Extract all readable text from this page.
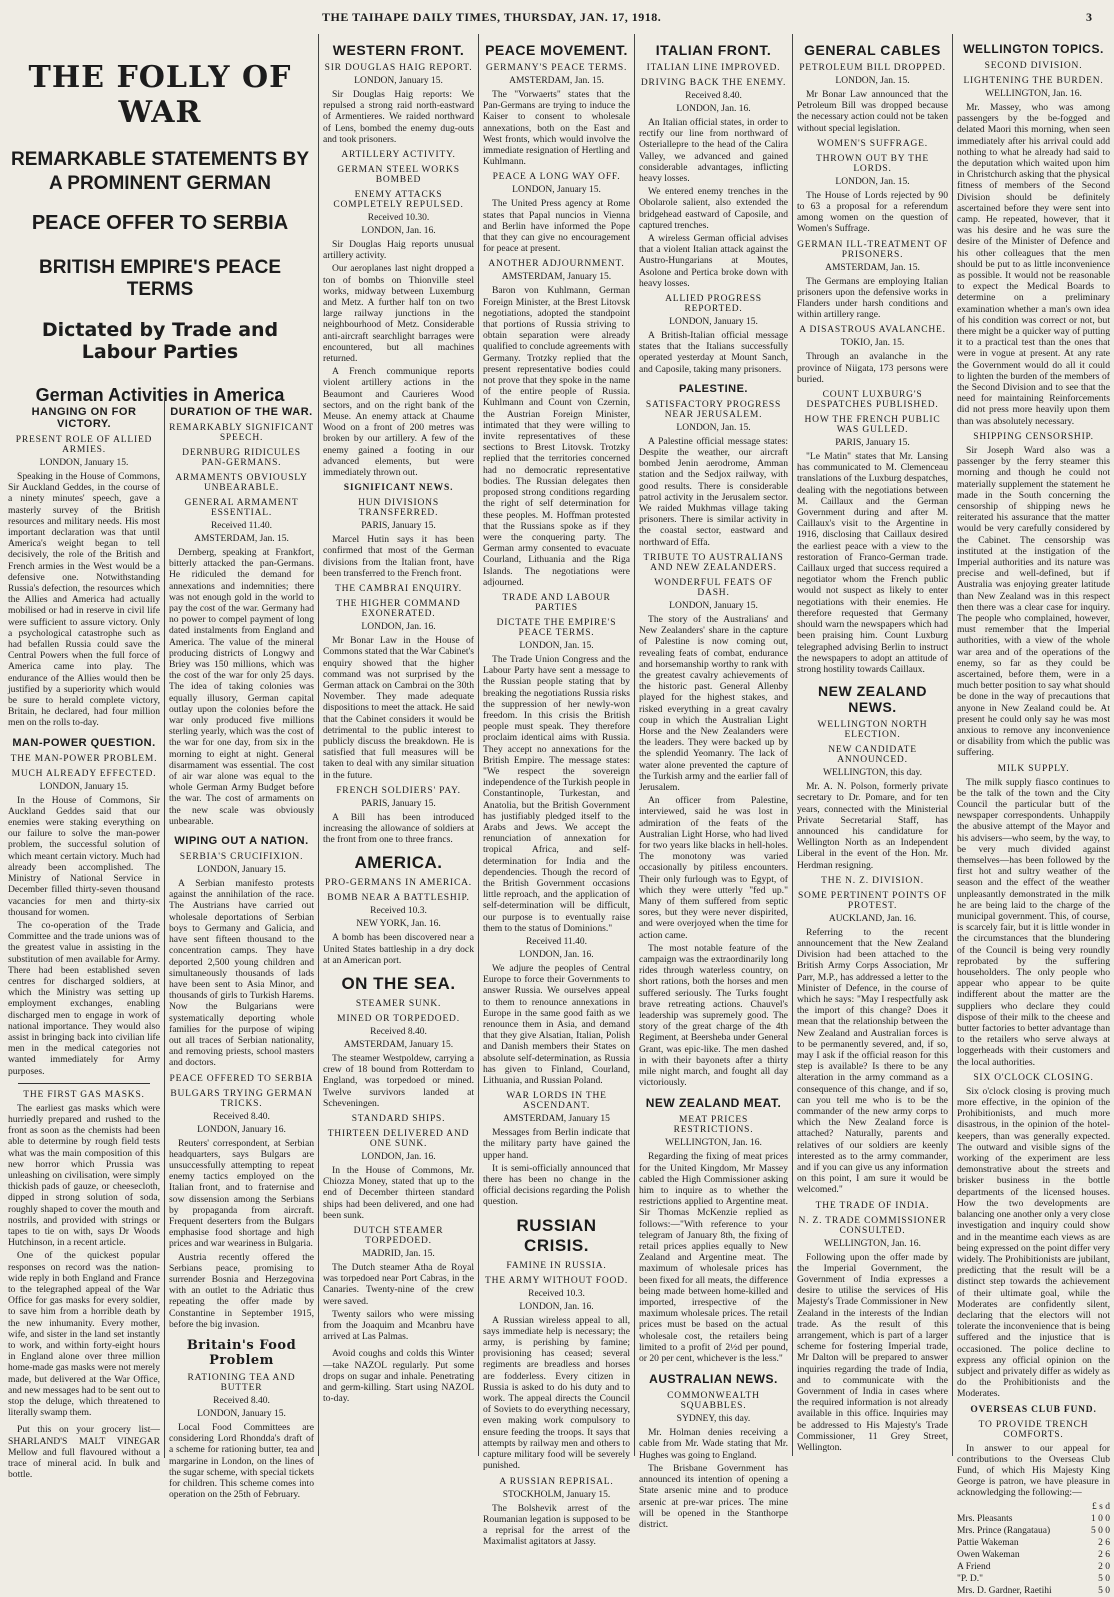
THE TAIHAPE DAILY TIMES, THURSDAY, JAN. 17, 1918.	3
THE FOLLY OF WAR
REMARKABLE STATEMENTS BY A PROMINENT GERMAN
PEACE OFFER TO SERBIA
BRITISH EMPIRE'S PEACE TERMS
Dictated by Trade and Labour Parties
German Activities in America
HANGING ON FOR VICTORY.
PRESENT ROLE OF ALLIED ARMIES.
LONDON, January 15.

Speaking in the House of Commons, Sir Auckland Geddes, in the course of a ninety minutes' speech, gave a masterly survey of the British resources and military needs. His most important declaration was that until America's weight began to tell decisively, the role of the British and French armies in the West would be a defensive one. Notwithstanding Russia's defection, the resources which the Allies and America had actually mobilised or had in reserve in civil life were sufficient to assure victory. Only a psychological catastrophe such as had befallen Russia could save the Central Powers when the full force of America came into play. The endurance of the Allies would then be justified by a superiority which would be sure to herald complete victory, Britain, he declared, had four million men on the rolls to-day.

MAN-POWER QUESTION.
THE MAN-POWER PROBLEM.
MUCH ALREADY EFFECTED.
LONDON, January 15.

In the House of Commons, Sir Auckland Geddes said that our enemies were staking everything on our failure to solve the man-power problem, the successful solution of which meant certain victory. Much had already been accomplished. The Ministry of National Service in December filled thirty-seven thousand vacancies for men and thirty-six thousand for women.

The co-operation of the Trade Committee and the trade unions was of the greatest value in assisting in the substitution of men available for Army. There had been established seven centres for discharged soldiers, at which the Ministry was setting up employment exchanges, enabling discharged men to engage in work of national importance. They would also assist in bringing back into civilian life men in the medical categories not wanted immediately for Army purposes.

THE FIRST GAS MASKS.

The earliest gas masks which were hurriedly prepared and rushed to the front as soon as the chemists had been able to determine by rough field tests what was the main composition of this new horror which Prussia was unleashing on civilisation, were simply thickish pads of gauze, or cheesecloth, dipped in strong solution of soda, roughly shaped to cover the mouth and nostrils, and provided with strings or tapes to tie on with, says Dr Woods Hutchinson, in a recent article.

One of the quickest popular responses on record was the nation-wide reply in both England and France to the telegraphed appeal of the War Office for gas masks for every soldier, to save him from a horrible death by the new inhumanity. Every mother, wife, and sister in the land set instantly to work, and within forty-eight hours in England alone over three million home-made gas masks were not merely made, but delivered at the War Office, and new messages had to be sent out to stop the deluge, which threatened to literally swamp them.

Put this on your grocery list—SHARLAND'S MALT VINEGAR Mellow and full flavoured without a trace of mineral acid. In bulk and bottle.

DURATION OF THE WAR.
REMARKABLY SIGNIFICANT SPEECH.
DERNBURG RIDICULES PAN-GERMANS.
ARMAMENTS OBVIOUSLY UNBEARABLE.
GENERAL ARMAMENT ESSENTIAL.
Received 11.40.
AMSTERDAM, Jan. 15.

Dernberg, speaking at Frankfort, bitterly attacked the pan-Germans. He ridiculed the demand for annexations and indemnities; there was not enough gold in the world to pay the cost of the war. Germany had no power to compel payment of long dated instalments from England and America. The value of the mineral producing districts of Longwy and Briey was 150 millions, which was the cost of the war for only 25 days. The idea of taking colonies was equally illusory, German capital outlay upon the colonies before the war only produced five millions sterling yearly, which was the cost of the war for one day, from six in the morning to eight at night. General disarmament was essential. The cost of air war alone was equal to the whole German Army Budget before the war. The cost of armaments on the new scale was obviously unbearable.

WIPING OUT A NATION.
SERBIA'S CRUCIFIXION.
LONDON, January 15.

A Serbian manifesto protests against the annihilation of the race. The Austrians have carried out wholesale deportations of Serbian boys to Germany and Galicia, and have sent fifteen thousand to the concentration camps. They have deported 2,500 young children and simultaneously thousands of lads have been sent to Asia Minor, and thousands of girls to Turkish Harems. Now the Bulgarians were systematically deporting whole families for the purpose of wiping out all traces of Serbian nationality, and removing priests, school masters and doctors.

PEACE OFFERED TO SERBIA
BULGARS TRYING GERMAN TRICKS.
Received 8.40.
LONDON, January 16.

Reuters' correspondent, at Serbian headquarters, says Bulgars are unsuccessfully attempting to repeat enemy tactics employed on the Italian front, and to fraternise and sow dissension among the Serbians by propaganda from aircraft. Frequent deserters from the Bulgars emphasise food shortage and high prices and war weariness in Bulgaria.

Austria recently offered the Serbians peace, promising to surrender Bosnia and Herzegovina with an outlet to the Adriatic thus repeating the offer made by Constantine in September 1915, before the big invasion.

Britain's Food Problem
RATIONING TEA AND BUTTER
Received 8.40.
LONDON, January 15.

Local Food Committees are considering Lord Rhondda's draft of a scheme for rationing butter, tea and margarine in London, on the lines of the sugar scheme, with special tickets for children. This scheme comes into operation on the 25th of February.

WESTERN FRONT.
SIR DOUGLAS HAIG REPORT.
LONDON, January 15.

Sir Douglas Haig reports: We repulsed a strong raid north-eastward of Armentieres. We raided northward of Lens, bombed the enemy dug-outs and took prisoners.

ARTILLERY ACTIVITY.
GERMAN STEEL WORKS BOMBED
ENEMY ATTACKS COMPLETELY REPULSED.
Received 10.30.
LONDON, Jan. 16.

Sir Douglas Haig reports unusual artillery activity.

Our aeroplanes last night dropped a ton of bombs on Thionville steel works, midway between Luxemburg and Metz. A further half ton on two large railway junctions in the neighbourhood of Metz. Considerable anti-aircraft searchlight barrages were encountered, but all machines returned.

A French communique reports violent artillery actions in the Beaumont and Caurieres Wood sectors, and on the right bank of the Meuse. An enemy attack at Chaume Wood on a front of 200 metres was broken by our artillery. A few of the enemy gained a footing in our advanced elements, but were immediately thrown out.

SIGNIFICANT NEWS.
HUN DIVISIONS TRANSFERRED.
PARIS, January 15.

Marcel Hutin says it has been confirmed that most of the German divisions from the Italian front, have been transferred to the French front.

THE CAMBRAI ENQUIRY.
THE HIGHER COMMAND EXONERATED.
LONDON, Jan. 16.

Mr Bonar Law in the House of Commons stated that the War Cabinet's enquiry showed that the higher command was not surprised by the German attack on Cambrai on the 30th November. They made adequate dispositions to meet the attack. He said that the Cabinet considers it would be detrimental to the public interest to publicly discuss the breakdown. He is satisfied that full measures will be taken to deal with any similar situation in the future.

FRENCH SOLDIERS' PAY.
PARIS, January 15.

A Bill has been introduced increasing the allowance of soldiers at the front from one to three francs.

AMERICA.
PRO-GERMANS IN AMERICA.
BOMB NEAR A BATTLESHIP.
Received 10.3.
NEW YORK, Jan. 16.

A bomb has been discovered near a United States battleship in a dry dock at an American port.

ON THE SEA.
STEAMER SUNK.
MINED OR TORPEDOED.
Received 8.40.
AMSTERDAM, January 15.

The steamer Westpoldew, carrying a crew of 18 bound from Rotterdam to England, was torpedoed or mined. Twelve survivors landed at Scheveningen.

STANDARD SHIPS.
THIRTEEN DELIVERED AND ONE SUNK.
LONDON, Jan. 16.

In the House of Commons, Mr. Chiozza Money, stated that up to the end of December thirteen standard ships had been delivered, and one had been sunk.

DUTCH STEAMER TORPEDOED.
MADRID, Jan. 15.

The Dutch steamer Atha de Royal was torpedoed near Port Cabras, in the Canaries. Twenty-nine of the crew were saved.

Twenty sailors who were missing from the Joaquim and Mcanbru have arrived at Las Palmas.

Avoid coughs and colds this Winter—take NAZOL regularly. Put some drops on sugar and inhale. Penetrating and germ-killing. Start using NAZOL to-day.

PEACE MOVEMENT.
GERMANY'S PEACE TERMS.
AMSTERDAM, Jan. 15.

The "Vorwaerts" states that the Pan-Germans are trying to induce the Kaiser to consent to wholesale annexations, both on the East and West fronts, which would involve the immediate resignation of Hertling and Kuhlmann.

PEACE A LONG WAY OFF.
LONDON, January 15.

The United Press agency at Rome states that Papal nuncios in Vienna and Berlin have informed the Pope that they can give no encouragement for peace at present.

ANOTHER ADJOURNMENT.
AMSTERDAM, January 15.

Baron von Kuhlmann, German Foreign Minister, at the Brest Litovsk negotiations, adopted the standpoint that portions of Russia striving to obtain separation were already qualified to conclude agreements with Germany. Trotzky replied that the present representative bodies could not prove that they spoke in the name of the entire people of Russia. Kuhlmann and Count von Czernin, the Austrian Foreign Minister, intimated that they were willing to invite representatives of these sections to Brest Litovsk. Trotzky replied that the territories concerned had no democratic representative bodies. The Russian delegates then proposed strong conditions regarding the right of self determination for these peoples. M. Hoffman protested that the Russians spoke as if they were the conquering party. The German army consented to evacuate Courland, Lithuania and the Riga Islands. The negotiations were adjourned.

TRADE AND LABOUR PARTIES
DICTATE THE EMPIRE'S PEACE TERMS.
LONDON, Jan. 15.

The Trade Union Congress and the Labour Party have sent a message to the Russian people stating that by breaking the negotiations Russia risks the suppression of her newly-won freedom. In this crisis the British people must speak. They therefore proclaim identical aims with Russia. They accept no annexations for the British Empire. The message states: "We respect the sovereign independence of the Turkish people in Constantinople, Turkestan, and Anatolia, but the British Government has justifiably pledged itself to the Arabs and Jews. We accept the renunciation of annexation for tropical Africa, and self-determination for India and the dependencies. Though the record of the British Government occasions little reproach, and the application of self-determination will be difficult, our purpose is to eventually raise them to the status of Dominions."

Received 11.40.
LONDON, Jan. 16.

We adjure the peoples of Central Europe to force their Governments to answer Russia. We ourselves appeal to them to renounce annexations in Europe in the same good faith as we renounce them in Asia, and demand that they give Alsatian, Italian, Polish and Danish members their States on absolute self-determination, as Russia has given to Finland, Courland, Lithuania, and Russian Poland.

WAR LORDS IN THE ASCENDANT.
AMSTERDAM, January 15

Messages from Berlin indicate that the military party have gained the upper hand.

It is semi-officially announced that there has been no change in the official decisions regarding the Polish question.

RUSSIAN CRISIS.
FAMINE IN RUSSIA.
THE ARMY WITHOUT FOOD.
Received 10.3.
LONDON, Jan. 16.

A Russian wireless appeal to all, says immediate help is necessary; the army, is perishing by famine; provisioning has ceased; several regiments are breadless and horses are fodderless. Every citizen in Russia is asked to do his duty and to work. The appeal directs the Council of Soviets to do everything necessary, even making work compulsory to ensure feeding the troops. It says that attempts by railway men and others to capture military food will be severely punished.

A RUSSIAN REPRISAL.
STOCKHOLM, January 15.

The Bolshevik arrest of the Roumanian legation is supposed to be a reprisal for the arrest of the Maximalist agitators at Jassy.

ITALIAN FRONT.
ITALIAN LINE IMPROVED.
DRIVING BACK THE ENEMY.
Received 8.40.
LONDON, Jan. 16.

An Italian official states, in order to rectify our line from northward of Osteriallepre to the head of the Calira Valley, we advanced and gained considerable advantages, inflicting heavy losses.

We entered enemy trenches in the Obolarole salient, also extended the bridgehead eastward of Caposile, and captured trenches.

A wireless German official advises that a violent Italian attack against the Austro-Hungarians at Moutes, Asolone and Pertica broke down with heavy losses.

ALLIED PROGRESS REPORTED.
LONDON, January 15.

A British-Italian official message states that the Italians successfully operated yesterday at Mount Sanch, and Caposile, taking many prisoners.

PALESTINE.
SATISFACTORY PROGRESS NEAR JERUSALEM.
LONDON, Jan. 15.

A Palestine official message states: Despite the weather, our aircraft bombed Jenin aerodrome, Amman station and the Sedjox railway, with good results. There is considerable patrol activity in the Jerusalem sector. We raided Mukhmas village taking prisoners. There is similar activity in the coastal sector, eastward and northward of Effa.

TRIBUTE TO AUSTRALIANS AND NEW ZEALANDERS.
WONDERFUL FEATS OF DASH.
LONDON, January 15.

The story of the Australians' and New Zealanders' share in the capture of Palestine is now coming out, revealing feats of combat, endurance and horsemanship worthy to rank with the greatest cavalry achievements of the historic past. General Allenby played for the highest stakes, and risked everything in a great cavalry coup in which the Australian Light Horse and the New Zealanders were the leaders. They were backed up by the splendid Yeomanry. The lack of water alone prevented the capture of the Turkish army and the earlier fall of Jerusalem.

An officer from Palestine, interviewed, said he was lost in admiration of the feats of the Australian Light Horse, who had lived for two years like blacks in hell-holes. The monotony was varied occasionally by pitiless encounters. Their only furlough was to Egypt, of which they were utterly "fed up." Many of them suffered from septic sores, but they were never dispirited, and were overjoyed when the time for action came.

The most notable feature of the campaign was the extraordinarily long rides through waterless country, on short rations, both the horses and men suffered seriously. The Turks fought brave retreating actions. Chauvel's leadership was supremely good. The story of the great charge of the 4th Regiment, at Beersheba under General Grant, was epic-like. The men dashed in with their bayonets after a thirty mile night march, and fought all day victoriously.

NEW ZEALAND MEAT.
MEAT PRICES RESTRICTIONS.
WELLINGTON, Jan. 16.

Regarding the fixing of meat prices for the United Kingdom, Mr Massey cabled the High Commissioner asking him to inquire as to whether the restrictions applied to Argentine meat. Sir Thomas McKenzie replied as follows:—"With reference to your telegram of January 8th, the fixing of retail prices applies equally to New Zealand and Argentine meat. The maximum of wholesale prices has been fixed for all meats, the difference being made between home-killed and imported, irrespective of the maximum wholesale prices. The retail prices must be based on the actual wholesale cost, the retailers being limited to a profit of 2½d per pound, or 20 per cent, whichever is the less."

AUSTRALIAN NEWS.
COMMONWEALTH SQUABBLES.
SYDNEY, this day.

Mr. Holman denies receiving a cable from Mr. Wade stating that Mr. Hughes was going to England.

The Brisbane Government has announced its intention of opening a State arsenic mine and to produce arsenic at pre-war prices. The mine will be opened in the Stanthorpe district.

GENERAL CABLES
PETROLEUM BILL DROPPED.
LONDON, Jan. 15.

Mr Bonar Law announced that the Petroleum Bill was dropped because the necessary action could not be taken without special legislation.

WOMEN'S SUFFRAGE.
THROWN OUT BY THE LORDS.
LONDON, Jan. 15.

The House of Lords rejected by 90 to 63 a proposal for a referendum among women on the question of Women's Suffrage.

GERMAN ILL-TREATMENT OF PRISONERS.
AMSTERDAM, Jan. 15.

The Germans are employing Italian prisoners upon the defensive works in Flanders under harsh conditions and within artillery range.

A DISASTROUS AVALANCHE.
TOKIO, Jan. 15.

Through an avalanche in the province of Niigata, 173 persons were buried.

COUNT LUXBURG'S DESPATCHES PUBLISHED.
HOW THE FRENCH PUBLIC WAS GULLED.
PARIS, January 15.

"Le Matin" states that Mr. Lansing has communicated to M. Clemenceau translations of the Luxburg despatches, dealing with the negotiations between M. Caillaux and the German Government during and after M. Caillaux's visit to the Argentine in 1916, disclosing that Caillaux desired the earliest peace with a view to the restoration of Franco-German trade. Caillaux urged that success required a negotiator whom the French public would not suspect as likely to enter negotiations with their enemies. He therefore requested that Germany should warn the newspapers which had been praising him. Count Luxburg telegraphed advising Berlin to instruct the newspapers to adopt an attitude of strong hostility towards Caillaux.

NEW ZEALAND NEWS.
WELLINGTON NORTH ELECTION.
NEW CANDIDATE ANNOUNCED.
WELLINGTON, this day.

Mr. A. N. Polson, formerly private secretary to Dr. Pomare, and for ten years, connected with the Ministerial Private Secretarial Staff, has announced his candidature for Wellington North as an Independent Liberal in the event of the Hon. Mr. Herdman resigning.

THE N. Z. DIVISION.
SOME PERTINENT POINTS OF PROTEST.
AUCKLAND, Jan. 16.

Referring to the recent announcement that the New Zealand Division had been attached to the British Army Corps Association, Mr Parr, M.P., has addressed a letter to the Minister of Defence, in the course of which he says: "May I respectfully ask the import of this change? Does it mean that the relationship between the New Zealand and Australian forces is to be permanently severed, and, if so, may I ask if the official reason for this step is available? Is there to be any alteration in the army command as a consequence of this change, and if so, can you tell me who is to be the commander of the new army corps to which the New Zealand force is attached? Naturally, parents and relatives of our soldiers are keenly interested as to the army commander, and if you can give us any information on this point, I am sure it would be welcomed."

THE TRADE OF INDIA.
N. Z. TRADE COMMISSIONER CONSULTED.
WELLINGTON, Jan. 16.

Following upon the offer made by the Imperial Government, the Government of India expresses a desire to utilise the services of His Majesty's Trade Commissioner in New Zealand in the interests of the Indian trade. As the result of this arrangement, which is part of a larger scheme for fostering Imperial trade, Mr Dalton will be prepared to answer inquiries regarding the trade of India, and to communicate with the Government of India in cases where the required information is not already available in this office. Inquiries may be addressed to His Majesty's Trade Commissioner, 11 Grey Street, Wellington.

WELLINGTON TOPICS.
SECOND DIVISION.
LIGHTENING THE BURDEN.
WELLINGTON, Jan. 16.

Mr. Massey, who was among passengers by the be-fogged and delated Maori this morning, when seen immediately after his arrival could add nothing to what he already had said to the deputation which waited upon him in Christchurch asking that the physical fitness of members of the Second Division should be definitely ascertained before they were sent into camp. He repeated, however, that it was his desire and he was sure the desire of the Minister of Defence and his other colleagues that the men should be put to as little inconvenience as possible. It would not be reasonable to expect the Medical Boards to determine on a preliminary examination whether a man's own idea of his condition was correct or not, but there might be a quicker way of putting it to a practical test than the ones that were in vogue at present. At any rate the Government would do all it could to lighten the burden of the members of the Second Division and to see that the need for maintaining Reinforcements did not press more heavily upon them than was absolutely necessary.

SHIPPING CENSORSHIP.

Sir Joseph Ward also was a passenger by the ferry steamer this morning and though he could not materially supplement the statement he made in the South concerning the censorship of shipping news he reiterated his assurance that the matter would be very carefully considered by the Cabinet. The censorship was instituted at the instigation of the Imperial authorities and its nature was precise and well-defined, but if Australia was enjoying greater latitude than New Zealand was in this respect then there was a clear case for inquiry. The people who complained, however, must remember that the Imperial authorities, with a view of the whole war area and of the operations of the enemy, so far as they could be ascertained, before them, were in a much better position to say what should be done in the way of precautions that anyone in New Zealand could be. At present he could only say he was most anxious to remove any inconvenience or disability from which the public was suffering.

MILK SUPPLY.

The milk supply fiasco continues to be the talk of the town and the City Council the particular butt of the newspaper correspondents. Unhappily the abusive attempt of the Mayor and his advisers—who seem, by the way, to be very much divided against themselves—has been followed by the first hot and sultry weather of the season and the effect of the weather unpleasantly demonstrated in the milk he are being laid to the charge of the municipal government. This, of course, is scarcely fair, but it is little wonder in the circumstances that the blundering of the Council is being very roundly reprobated by the suffering householders. The only people who appear who appear to be quite indifferent about the matter are the suppliers who declare they could dispose of their milk to the cheese and butter factories to better advantage than to the retailers who serve always at loggerheads with their customers and the local authorities.

SIX O'CLOCK CLOSING.

Six o'clock closing is proving much more effective, in the opinion of the Prohibitionists, and much more disastrous, in the opinion of the hotel-keepers, than was generally expected. The outward and visible signs of the working of the experiment are less demonstrative about the streets and brisker business in the bottle departments of the licensed houses. How the two developments are balancing one another only a very close investigation and inquiry could show and in the meantime each views as are being expressed on the point differ very widely. The Prohibitionists are jubilant, predicting that the result will be a distinct step towards the achievement of their ultimate goal, while the Moderates are confidently silent, declaring that the electors will not tolerate the inconvenience that is being suffered and the injustice that is occasioned. The police decline to express any official opinion on the subject and privately differ as widely as do the Prohibitionists and the Moderates.

OVERSEAS CLUB FUND.
TO PROVIDE TRENCH COMFORTS.

In answer to our appeal for contributions to the Overseas Club Fund, of which His Majesty King George is patron, we have pleasure in acknowledging the following:—

£ s d
Mrs. Pleasants	1 0 0
Mrs. Prince (Rangataua)	5 0 0
Pattie Wakeman	2 6
Owen Wakeman	2 6
A Friend	2 0
"P. D."	5 0
Mrs. D. Gardner, Raetihi	5 0
